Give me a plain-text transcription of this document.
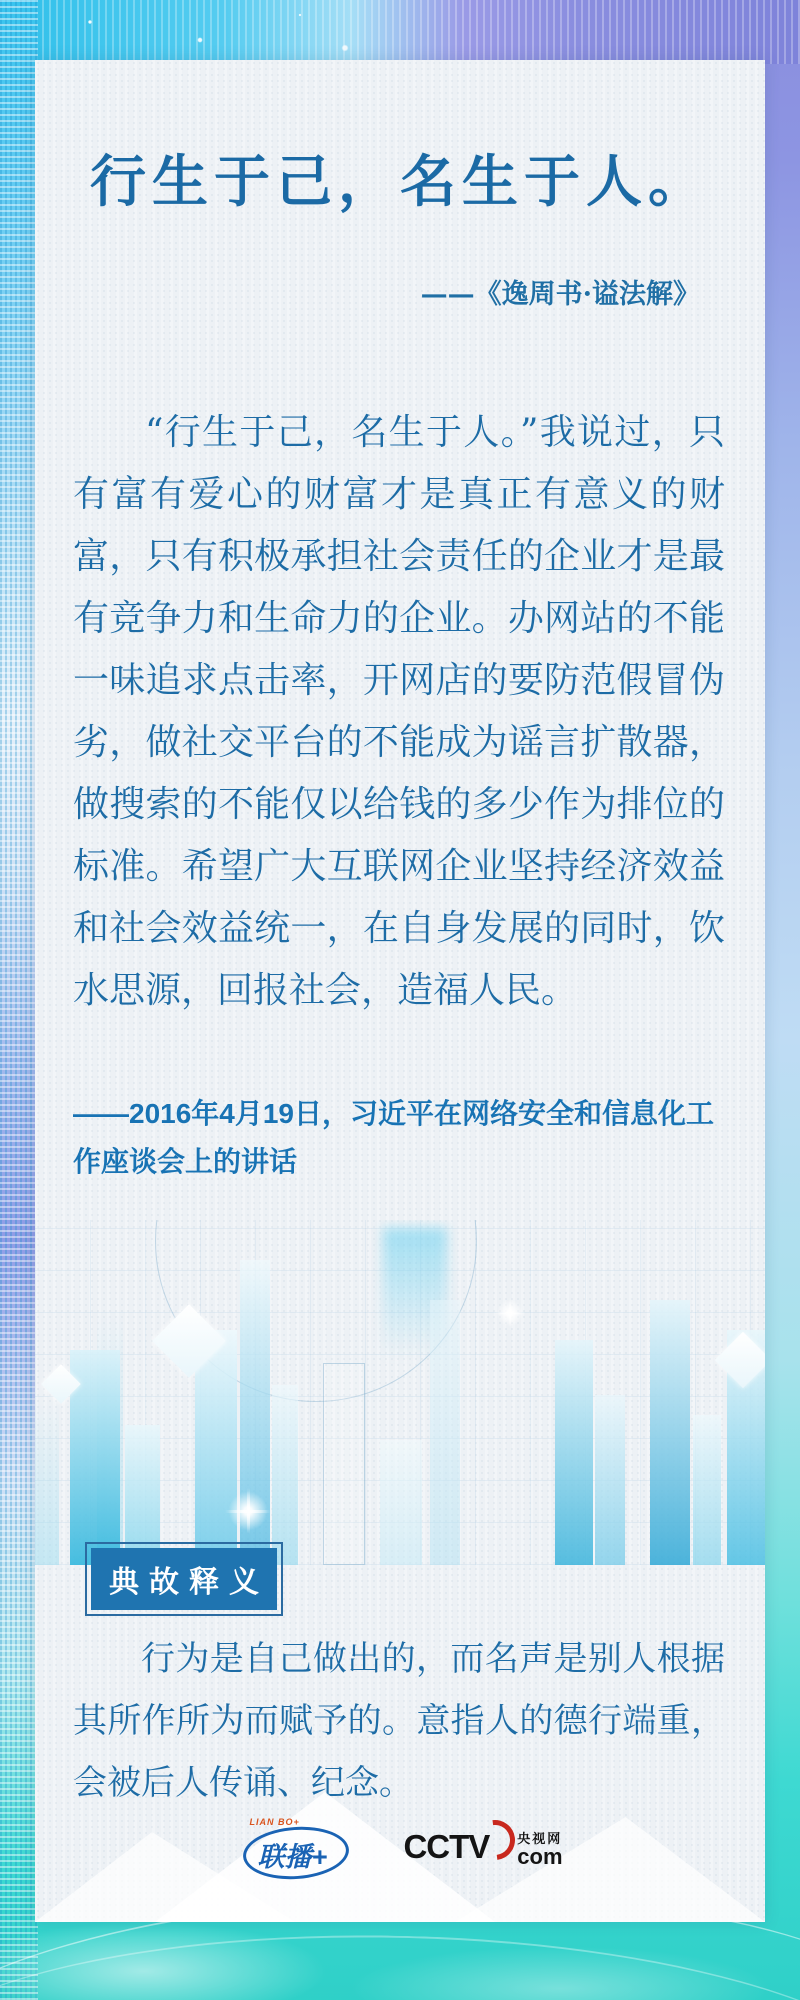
行生于己，名生于人。
——《逸周书·谥法解》

“行生于己，名生于人。”我说过，只有富有爱心的财富才是真正有意义的财富，只有积极承担社会责任的企业才是最有竞争力和生命力的企业。办网站的不能一味追求点击率，开网店的要防范假冒伪劣，做社交平台的不能成为谣言扩散器，做搜索的不能仅以给钱的多少作为排位的标准。希望广大互联网企业坚持经济效益和社会效益统一，在自身发展的同时，饮水思源，回报社会，造福人民。

——2016年4月19日，习近平在网络安全和信息化工作座谈会上的讲话

典故释义

行为是自己做出的，而名声是别人根据其所作所为而赋予的。意指人的德行端重，会被后人传诵、纪念。

LIAN BO+
联播+ CCTV 央视网
com
